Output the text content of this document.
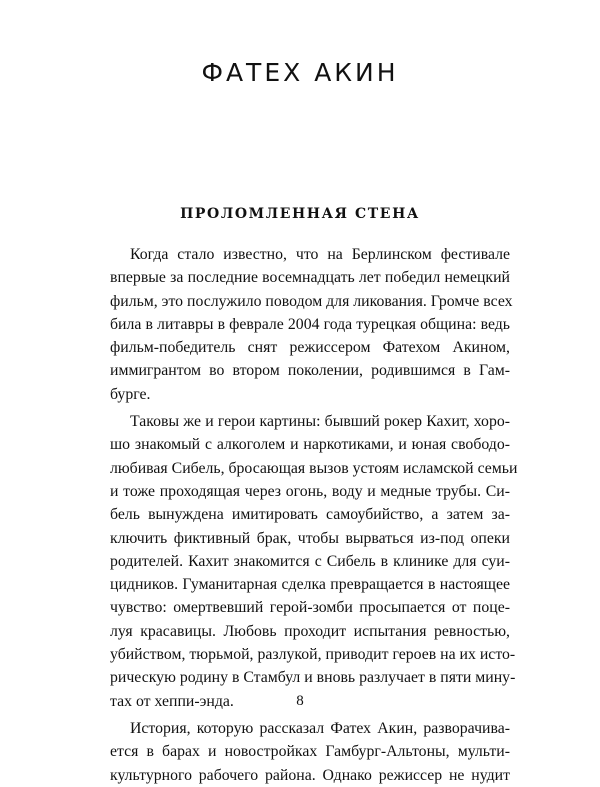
ФАТЕХ АКИН
ПРОЛОМЛЕННАЯ СТЕНА
Когда стало известно, что на Берлинском фестивале
впервые за последние восемнадцать лет победил немецкий
фильм, это послужило поводом для ликования. Громче всех
била в литавры в феврале 2004 года турецкая община: ведь
фильм-победитель снят режиссером Фатехом Акином,
иммигрантом во втором поколении, родившимся в Гам-
бурге.
Таковы же и герои картины: бывший рокер Кахит, хоро-
шо знакомый с алкоголем и наркотиками, и юная свободо-
любивая Сибель, бросающая вызов устоям исламской семьи
и тоже проходящая через огонь, воду и медные трубы. Си-
бель вынуждена имитировать самоубийство, а затем за-
ключить фиктивный брак, чтобы вырваться из-под опеки
родителей. Кахит знакомится с Сибель в клинике для суи-
цидников. Гуманитарная сделка превращается в настоящее
чувство: омертвевший герой-зомби просыпается от поце-
луя красавицы. Любовь проходит испытания ревностью,
убийством, тюрьмой, разлукой, приводит героев на их исто-
рическую родину в Стамбул и вновь разлучает в пяти мину-
тах от хеппи-энда.
История, которую рассказал Фатех Акин, разворачива-
ется в барах и новостройках Гамбург-Альтоны, мульти-
культурного рабочего района. Однако режиссер не нудит
8
